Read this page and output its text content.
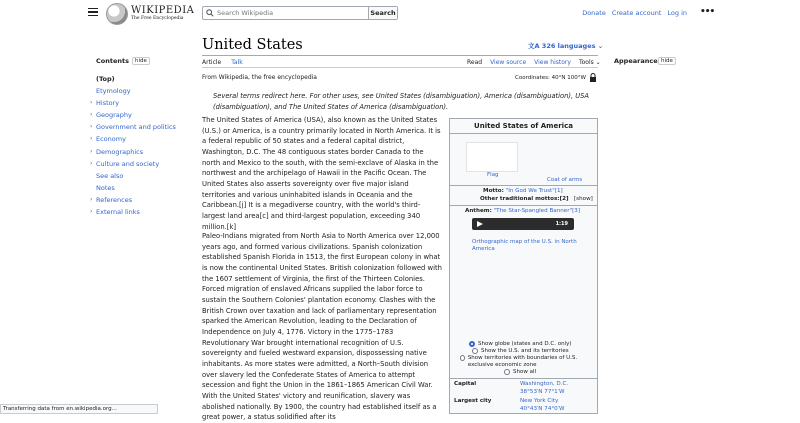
WIKIPEDIA
The Free Encyclopedia
Search Wikipedia
Search	Donate Create account Log in •••
Contents	hide
(Top)
Etymology
› History
› Geography
› Government and politics
› Economy
› Demographics
› Culture and society
See also
Notes
› References
› External links
United States	文A 326 languages ⌄
Article Talk	Read View source View history Tools ⌄
From Wikipedia, the free encyclopedia	Coordinates: 40°N 100°W
Several terms redirect here. For other uses, see United States (disambiguation), America (disambiguation), USA (disambiguation), and The United States of America (disambiguation).
The United States of America (USA), also known as the United States (U.S.) or America, is a country primarily located in North America. It is a federal republic of 50 states and a federal capital district, Washington, D.C. The 48 contiguous states border Canada to the north and Mexico to the south, with the semi-exclave of Alaska in the northwest and the archipelago of Hawaii in the Pacific Ocean. The United States also asserts sovereignty over five major island territories and various uninhabited islands in Oceania and the Caribbean.[j] It is a megadiverse country, with the world's third-largest land area[c] and third-largest population, exceeding 340 million.[k]
Paleo-Indians migrated from North Asia to North America over 12,000 years ago, and formed various civilizations. Spanish colonization established Spanish Florida in 1513, the first European colony in what is now the continental United States. British colonization followed with the 1607 settlement of Virginia, the first of the Thirteen Colonies. Forced migration of enslaved Africans supplied the labor force to sustain the Southern Colonies' plantation economy. Clashes with the British Crown over taxation and lack of parliamentary representation sparked the American Revolution, leading to the Declaration of Independence on July 4, 1776. Victory in the 1775–1783 Revolutionary War brought international recognition of U.S. sovereignty and fueled westward expansion, dispossessing native inhabitants. As more states were admitted, a North–South division over slavery led the Confederate States of America to attempt secession and fight the Union in the 1861–1865 American Civil War. With the United States' victory and reunification, slavery was abolished nationally. By 1900, the country had established itself as a great power, a status solidified after its
Appearance hide
United States of America
Flag
Coat of arms
Motto: "In God We Trust"[1]
Other traditional mottos:[2] [show]
Anthem: "The Star-Spangled Banner"[3]
1:19
Orthographic map of the U.S. in North America
Show globe (states and D.C. only)
Show the U.S. and its territories
Show territories with boundaries of U.S. exclusive economic zone
Show all
Capital	Washington, D.C.
38°53′N 77°1′W
Largest city	New York City
40°43′N 74°0′W
Transferring data from en.wikipedia.org...
